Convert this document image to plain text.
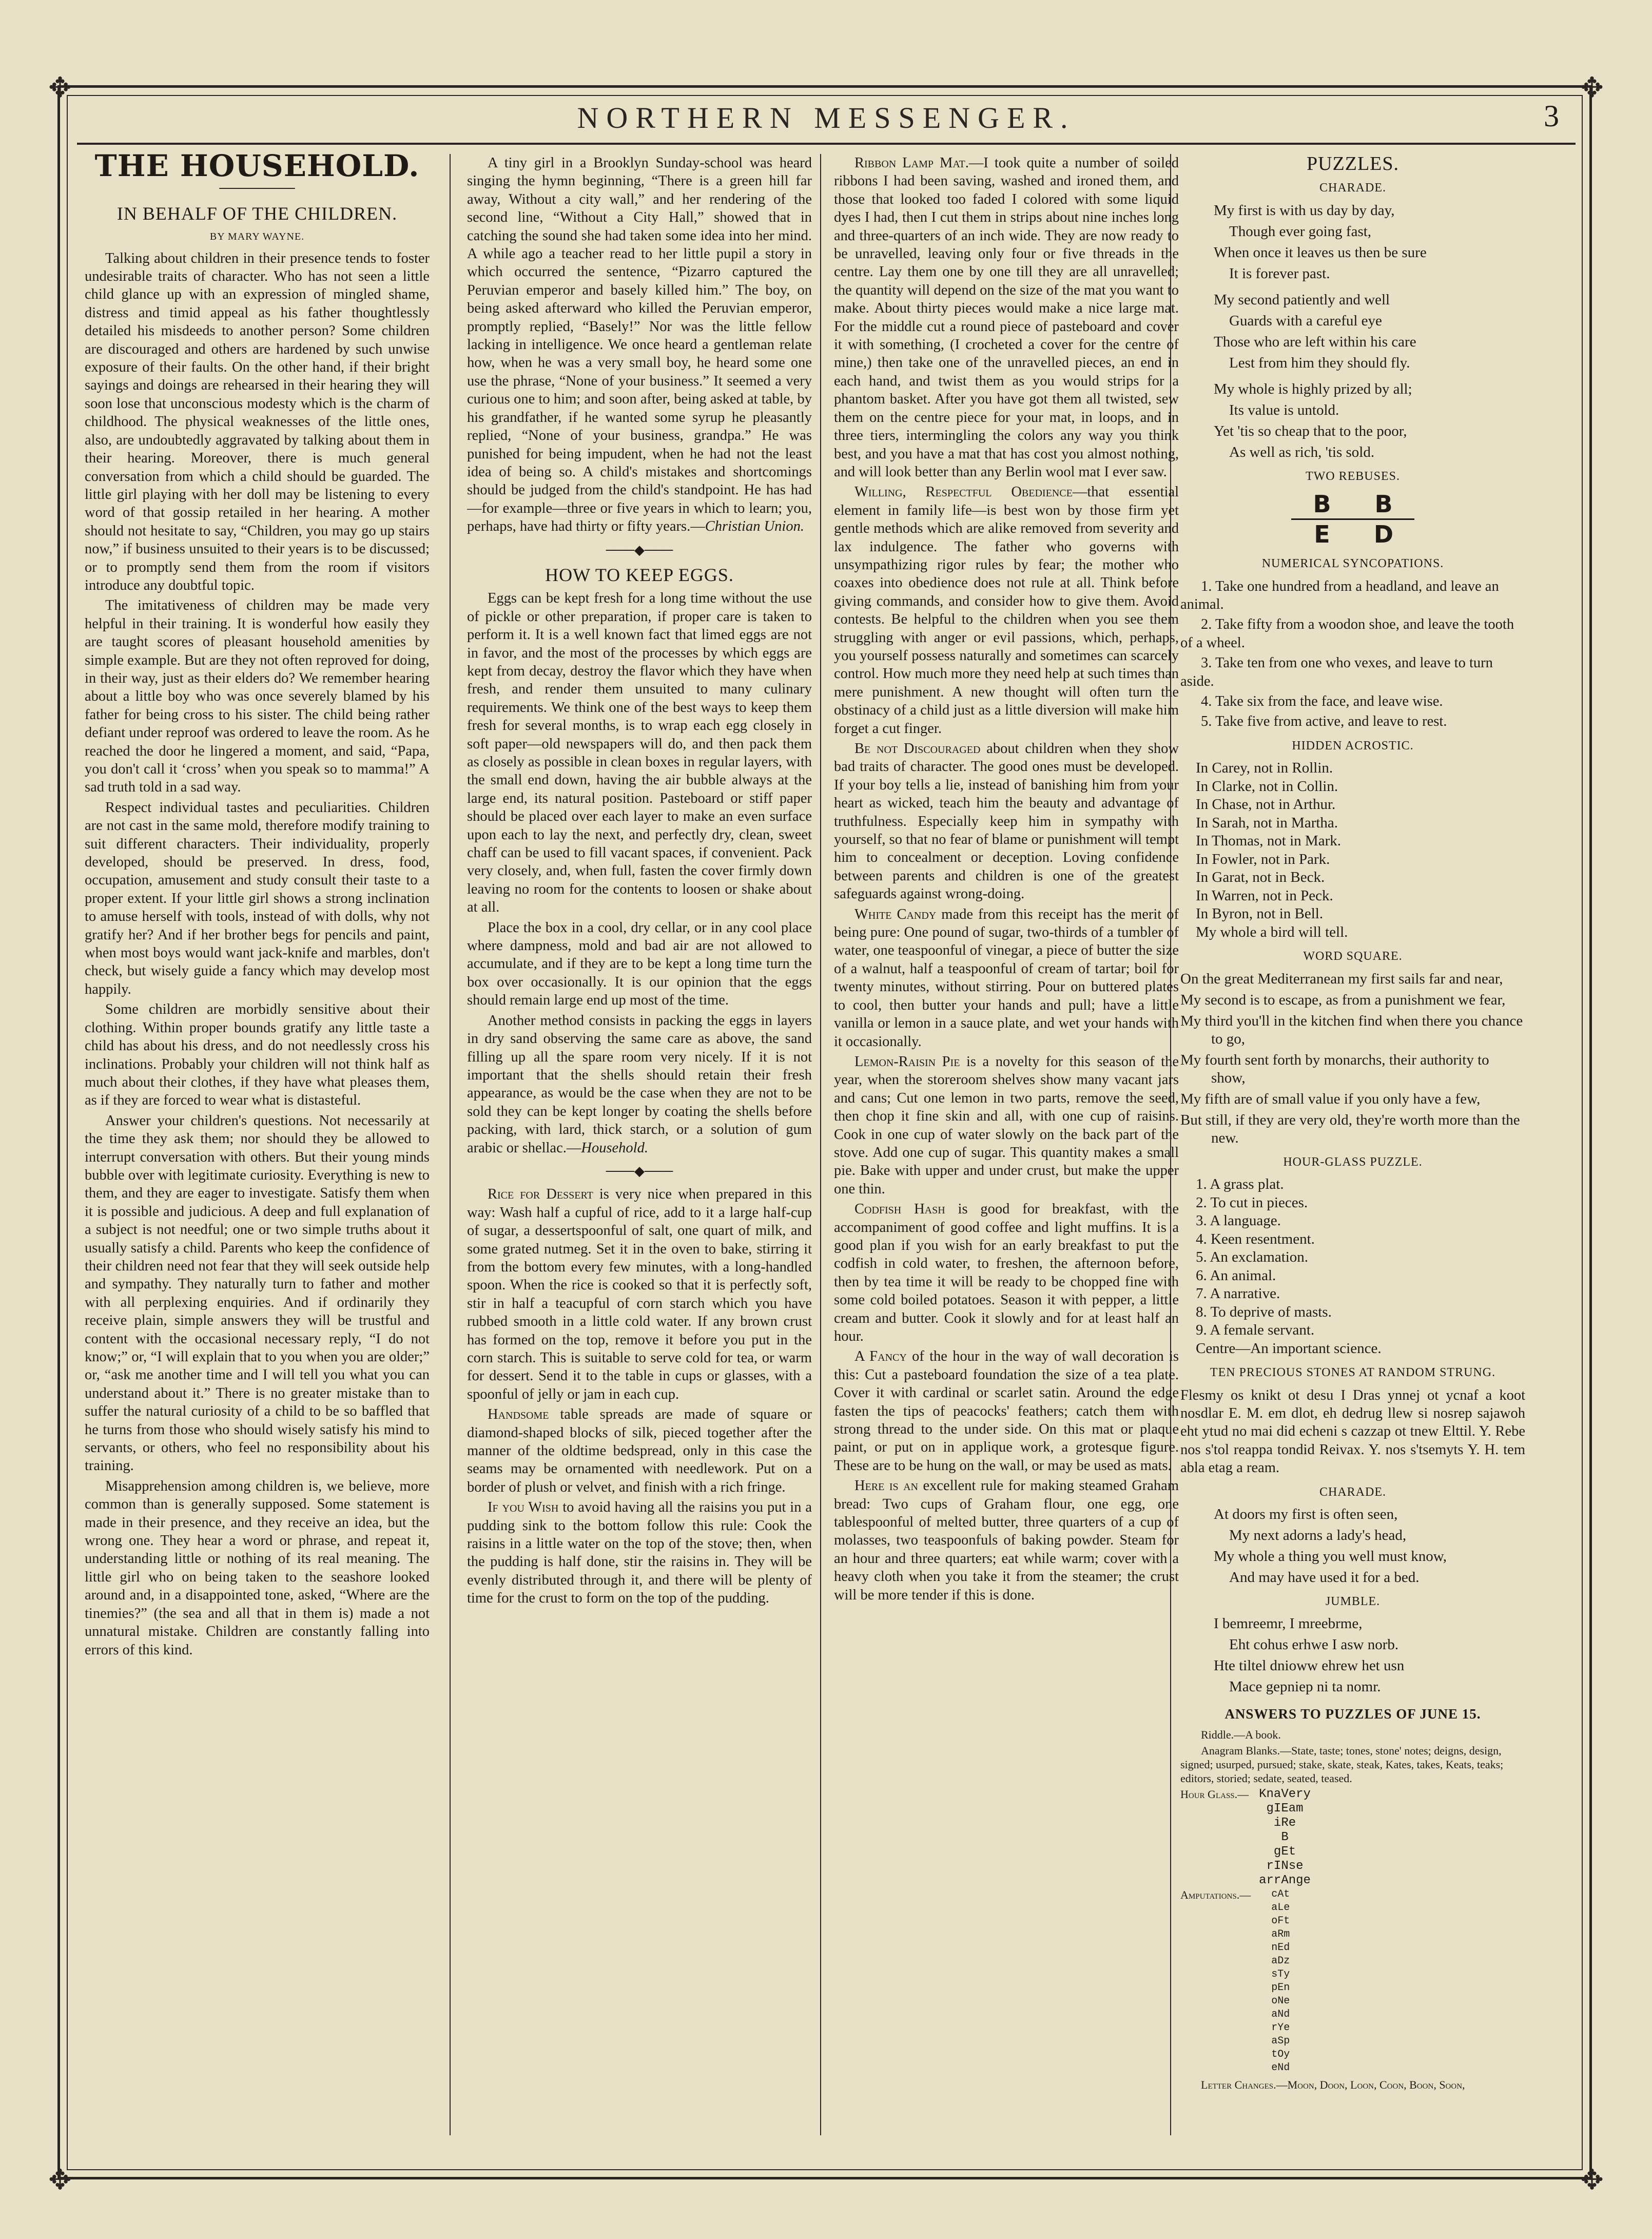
✥	✥
✥	✥
NORTHERN MESSENGER.	3
THE HOUSEHOLD.
────────
IN BEHALF OF THE CHILDREN.
BY MARY WAYNE.

Talking about children in their presence tends to foster undesirable traits of character. Who has not seen a little child glance up with an expression of mingled shame, distress and timid appeal as his father thoughtlessly detailed his misdeeds to another person? Some children are discouraged and others are hardened by such unwise exposure of their faults. On the other hand, if their bright sayings and doings are rehearsed in their hearing they will soon lose that unconscious modesty which is the charm of childhood. The physical weaknesses of the little ones, also, are undoubtedly aggravated by talking about them in their hearing. Moreover, there is much general conversation from which a child should be guarded. The little girl playing with her doll may be listening to every word of that gossip retailed in her hearing. A mother should not hesitate to say, “Children, you may go up stairs now,” if business unsuited to their years is to be discussed; or to promptly send them from the room if visitors introduce any doubtful topic.

The imitativeness of children may be made very helpful in their training. It is wonderful how easily they are taught scores of pleasant household amenities by simple example. But are they not often reproved for doing, in their way, just as their elders do? We remember hearing about a little boy who was once severely blamed by his father for being cross to his sister. The child being rather defiant under reproof was ordered to leave the room. As he reached the door he lingered a moment, and said, “Papa, you don't call it ‘cross’ when you speak so to mamma!” A sad truth told in a sad way.

Respect individual tastes and peculiarities. Children are not cast in the same mold, therefore modify training to suit different characters. Their individuality, properly developed, should be preserved. In dress, food, occupation, amusement and study consult their taste to a proper extent. If your little girl shows a strong inclination to amuse herself with tools, instead of with dolls, why not gratify her? And if her brother begs for pencils and paint, when most boys would want jack-knife and marbles, don't check, but wisely guide a fancy which may develop most happily.

Some children are morbidly sensitive about their clothing. Within proper bounds gratify any little taste a child has about his dress, and do not needlessly cross his inclinations. Probably your children will not think half as much about their clothes, if they have what pleases them, as if they are forced to wear what is distasteful.

Answer your children's questions. Not necessarily at the time they ask them; nor should they be allowed to interrupt conversation with others. But their young minds bubble over with legitimate curiosity. Everything is new to them, and they are eager to investigate. Satisfy them when it is possible and judicious. A deep and full explanation of a subject is not needful; one or two simple truths about it usually satisfy a child. Parents who keep the confidence of their children need not fear that they will seek outside help and sympathy. They naturally turn to father and mother with all perplexing enquiries. And if ordinarily they receive plain, simple answers they will be trustful and content with the occasional necessary reply, “I do not know;” or, “I will explain that to you when you are older;” or, “ask me another time and I will tell you what you can understand about it.” There is no greater mistake than to suffer the natural curiosity of a child to be so baffled that he turns from those who should wisely satisfy his mind to servants, or others, who feel no responsibility about his training.

Misapprehension among children is, we believe, more common than is generally supposed. Some statement is made in their presence, and they receive an idea, but the wrong one. They hear a word or phrase, and repeat it, understanding little or nothing of its real meaning. The little girl who on being taken to the seashore looked around and, in a disappointed tone, asked, “Where are the tinemies?” (the sea and all that in them is) made a not unnatural mistake. Children are constantly falling into errors of this kind.

A tiny girl in a Brooklyn Sunday-school was heard singing the hymn beginning, “There is a green hill far away, Without a city wall,” and her rendering of the second line, “Without a City Hall,” showed that in catching the sound she had taken some idea into her mind. A while ago a teacher read to her little pupil a story in which occurred the sentence, “Pizarro captured the Peruvian emperor and basely killed him.” The boy, on being asked afterward who killed the Peruvian emperor, promptly replied, “Basely!” Nor was the little fellow lacking in intelligence. We once heard a gentleman relate how, when he was a very small boy, he heard some one use the phrase, “None of your business.” It seemed a very curious one to him; and soon after, being asked at table, by his grandfather, if he wanted some syrup he pleasantly replied, “None of your business, grandpa.” He was punished for being impudent, when he had not the least idea of being so. A child's mistakes and shortcomings should be judged from the child's standpoint. He has had—for example—three or five years in which to learn; you, perhaps, have had thirty or fifty years.—Christian Union.

───◆───
HOW TO KEEP EGGS.

Eggs can be kept fresh for a long time without the use of pickle or other preparation, if proper care is taken to perform it. It is a well known fact that limed eggs are not in favor, and the most of the processes by which eggs are kept from decay, destroy the flavor which they have when fresh, and render them unsuited to many culinary requirements. We think one of the best ways to keep them fresh for several months, is to wrap each egg closely in soft paper—old newspapers will do, and then pack them as closely as possible in clean boxes in regular layers, with the small end down, having the air bubble always at the large end, its natural position. Pasteboard or stiff paper should be placed over each layer to make an even surface upon each to lay the next, and perfectly dry, clean, sweet chaff can be used to fill vacant spaces, if convenient. Pack very closely, and, when full, fasten the cover firmly down leaving no room for the contents to loosen or shake about at all.

Place the box in a cool, dry cellar, or in any cool place where dampness, mold and bad air are not allowed to accumulate, and if they are to be kept a long time turn the box over occasionally. It is our opinion that the eggs should remain large end up most of the time.

Another method consists in packing the eggs in layers in dry sand observing the same care as above, the sand filling up all the spare room very nicely. If it is not important that the shells should retain their fresh appearance, as would be the case when they are not to be sold they can be kept longer by coating the shells before packing, with lard, thick starch, or a solution of gum arabic or shellac.—Household.

───◆───

Rice for Dessert is very nice when prepared in this way: Wash half a cupful of rice, add to it a large half-cup of sugar, a dessertspoonful of salt, one quart of milk, and some grated nutmeg. Set it in the oven to bake, stirring it from the bottom every few minutes, with a long-handled spoon. When the rice is cooked so that it is perfectly soft, stir in half a teacupful of corn starch which you have rubbed smooth in a little cold water. If any brown crust has formed on the top, remove it before you put in the corn starch. This is suitable to serve cold for tea, or warm for dessert. Send it to the table in cups or glasses, with a spoonful of jelly or jam in each cup.

Handsome table spreads are made of square or diamond-shaped blocks of silk, pieced together after the manner of the oldtime bedspread, only in this case the seams may be ornamented with needlework. Put on a border of plush or velvet, and finish with a rich fringe.

If you Wish to avoid having all the raisins you put in a pudding sink to the bottom follow this rule: Cook the raisins in a little water on the top of the stove; then, when the pudding is half done, stir the raisins in. They will be evenly distributed through it, and there will be plenty of time for the crust to form on the top of the pudding.

Ribbon Lamp Mat.—I took quite a number of soiled ribbons I had been saving, washed and ironed them, and those that looked too faded I colored with some liquid dyes I had, then I cut them in strips about nine inches long and three-quarters of an inch wide. They are now ready to be unravelled, leaving only four or five threads in the centre. Lay them one by one till they are all unravelled; the quantity will depend on the size of the mat you want to make. About thirty pieces would make a nice large mat. For the middle cut a round piece of pasteboard and cover it with something, (I crocheted a cover for the centre of mine,) then take one of the unravelled pieces, an end in each hand, and twist them as you would strips for a phantom basket. After you have got them all twisted, sew them on the centre piece for your mat, in loops, and in three tiers, intermingling the colors any way you think best, and you have a mat that has cost you almost nothing, and will look better than any Berlin wool mat I ever saw.

Willing, Respectful Obedience—that essential element in family life—is best won by those firm yet gentle methods which are alike removed from severity and lax indulgence. The father who governs with unsympathizing rigor rules by fear; the mother who coaxes into obedience does not rule at all. Think before giving commands, and consider how to give them. Avoid contests. Be helpful to the children when you see them struggling with anger or evil passions, which, perhaps, you yourself possess naturally and sometimes can scarcely control. How much more they need help at such times than mere punishment. A new thought will often turn the obstinacy of a child just as a little diversion will make him forget a cut finger.

Be not Discouraged about children when they show bad traits of character. The good ones must be developed. If your boy tells a lie, instead of banishing him from your heart as wicked, teach him the beauty and advantage of truthfulness. Especially keep him in sympathy with yourself, so that no fear of blame or punishment will tempt him to concealment or deception. Loving confidence between parents and children is one of the greatest safeguards against wrong-doing.

White Candy made from this receipt has the merit of being pure: One pound of sugar, two-thirds of a tumbler of water, one teaspoonful of vinegar, a piece of butter the size of a walnut, half a teaspoonful of cream of tartar; boil for twenty minutes, without stirring. Pour on buttered plates to cool, then butter your hands and pull; have a little vanilla or lemon in a sauce plate, and wet your hands with it occasionally.

Lemon-Raisin Pie is a novelty for this season of the year, when the storeroom shelves show many vacant jars and cans; Cut one lemon in two parts, remove the seed, then chop it fine skin and all, with one cup of raisins. Cook in one cup of water slowly on the back part of the stove. Add one cup of sugar. This quantity makes a small pie. Bake with upper and under crust, but make the upper one thin.

Codfish Hash is good for breakfast, with the accompaniment of good coffee and light muffins. It is a good plan if you wish for an early breakfast to put the codfish in cold water, to freshen, the afternoon before, then by tea time it will be ready to be chopped fine with some cold boiled potatoes. Season it with pepper, a little cream and butter. Cook it slowly and for at least half an hour.

A Fancy of the hour in the way of wall decoration is this: Cut a pasteboard foundation the size of a tea plate. Cover it with cardinal or scarlet satin. Around the edge fasten the tips of peacocks' feathers; catch them with strong thread to the under side. On this mat or plaque paint, or put on in applique work, a grotesque figure. These are to be hung on the wall, or may be used as mats.

Here is an excellent rule for making steamed Graham bread: Two cups of Graham flour, one egg, one tablespoonful of melted butter, three quarters of a cup of molasses, two teaspoonfuls of baking powder. Steam for an hour and three quarters; eat while warm; cover with a heavy cloth when you take it from the steamer; the crust will be more tender if this is done.

PUZZLES.
CHARADE.
My first is with us day by day,
Though ever going fast,
When once it leaves us then be sure
It is forever past.
My second patiently and well
Guards with a careful eye
Those who are left within his care
Lest from him they should fly.
My whole is highly prized by all;
Its value is untold.
Yet 'tis so cheap that to the poor,
As well as rich, 'tis sold.
TWO REBUSES.
B B
E D
NUMERICAL SYNCOPATIONS.

1. Take one hundred from a headland, and leave an animal.

2. Take fifty from a woodon shoe, and leave the tooth of a wheel.

3. Take ten from one who vexes, and leave to turn aside.

4. Take six from the face, and leave wise.

5. Take five from active, and leave to rest.

HIDDEN ACROSTIC.
In Carey, not in Rollin.
In Clarke, not in Collin.
In Chase, not in Arthur.
In Sarah, not in Martha.
In Thomas, not in Mark.
In Fowler, not in Park.
In Garat, not in Beck.
In Warren, not in Peck.
In Byron, not in Bell.
My whole a bird will tell.
WORD SQUARE.
On the great Mediterranean my first sails far and near,
My second is to escape, as from a punishment we fear,
My third you'll in the kitchen find when there you chance to go,
My fourth sent forth by monarchs, their authority to show,
My fifth are of small value if you only have a few,
But still, if they are very old, they're worth more than the new.
HOUR-GLASS PUZZLE.
1. A grass plat.
2. To cut in pieces.
3. A language.
4. Keen resentment.
5. An exclamation.
6. An animal.
7. A narrative.
8. To deprive of masts.
9. A female servant.
Centre—An important science.
TEN PRECIOUS STONES AT RANDOM STRUNG.

Flesmy os knikt ot desu I Dras ynnej ot ycnaf a koot nosdlar E. M. em dlot, eh dedrug llew si nosrep sajawoh eht ytud no mai did echeni s cazzap ot tnew Elttil. Y. Rebe nos s'tol reappa tondid Reivax. Y. nos s'tsemyts Y. H. tem abla etag a ream.

CHARADE.
At doors my first is often seen,
My next adorns a lady's head,
My whole a thing you well must know,
And may have used it for a bed.
JUMBLE.
I bemreemr, I mreebrme,
Eht cohus erhwe I asw norb.
Hte tiltel dnioww ehrew het usn
Mace gepniep ni ta nomr.
ANSWERS TO PUZZLES OF JUNE 15.

Riddle.—A book.

Anagram Blanks.—State, taste; tones, stone' notes; deigns, design, signed; usurped, pursued; stake, skate, steak, Kates, takes, Keats, teaks; editors, storied; sedate, seated, teased.

Hour Glass.— KnaVery
gIEam
iRe
B
gEt
rINse
arrAnge
Amputations.— cAt
aLe
oFt
aRm
nEd
aDz
sTy
pEn
oNe
aNd
rYe
aSp
tOy
eNd

Letter Changes.—Moon, Doon, Loon, Coon, Boon, Soon,
